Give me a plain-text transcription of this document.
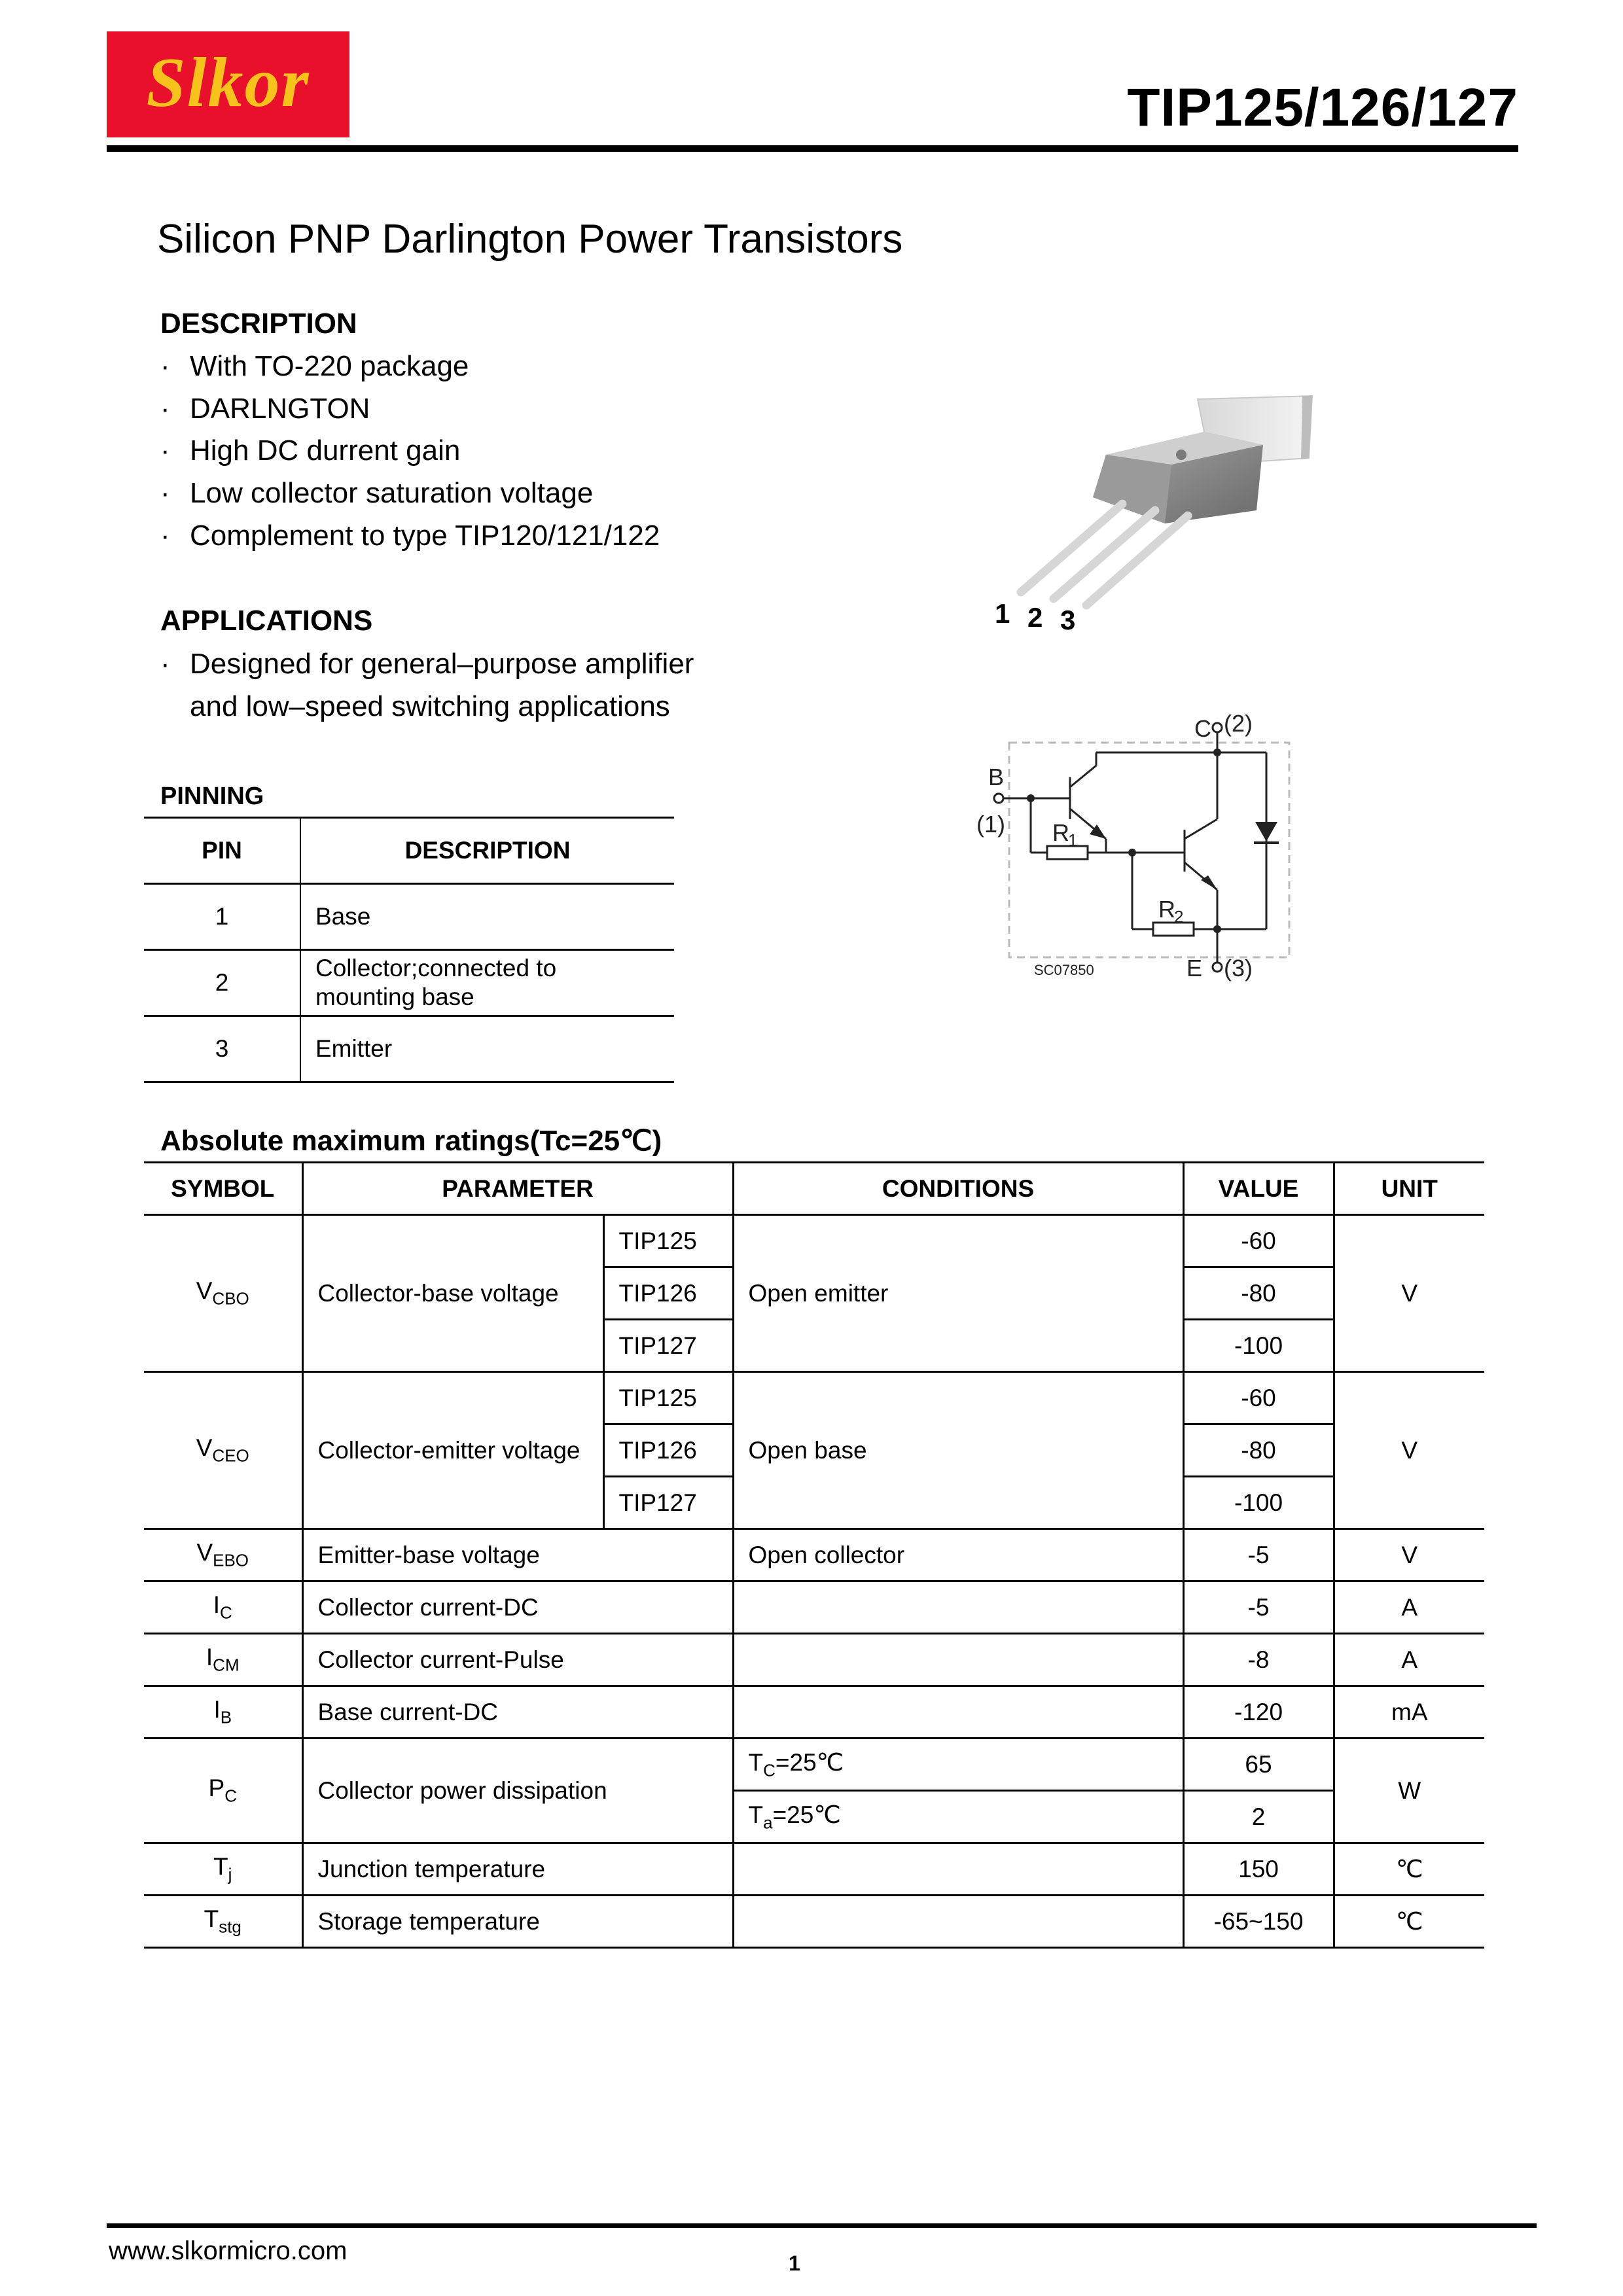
Slkor	TIP125/126/127
Silicon PNP Darlington Power Transistors
DESCRIPTION
· With TO-220 package
· DARLNGTON
· High DC durrent gain
· Low collector saturation voltage
· Complement to type TIP120/121/122
APPLICATIONS
· Designed for general–purpose amplifier
and low–speed switching applications
1 2 3
C (2)
B
(1) R
1
R
2
E (3)
SC07850
PINNING
PIN	DESCRIPTION
1	Base
2	Collector;connected to
mounting base

3	Emitter
Absolute maximum ratings(Tc=25℃)
SYMBOL	PARAMETER		CONDITIONS	VALUE	UNIT
$V_{CBO}$	Collector-base voltage	TIP125	Open emitter	-60	V
		TIP126		-80	
		TIP127		-100	
$V_{CEO}$	Collector-emitter voltage	TIP125	Open base	-60	V
		TIP126		-80	
		TIP127		-100	
$V_{EBO}$	Emitter-base voltage		Open collector	-5	V
$I_C$	Collector current-DC			-5	A
$I_{CM}$	Collector current-Pulse			-8	A
$I_B$	Base current-DC			-120	mA
$P_C$	Collector power dissipation		$T_C=25℃$	65	W
			$T_a=25℃$	2	
$T_j$	Junction temperature			150	℃
$T_{stg}$	Storage temperature			-65~150	℃
www.slkormicro.com	1
